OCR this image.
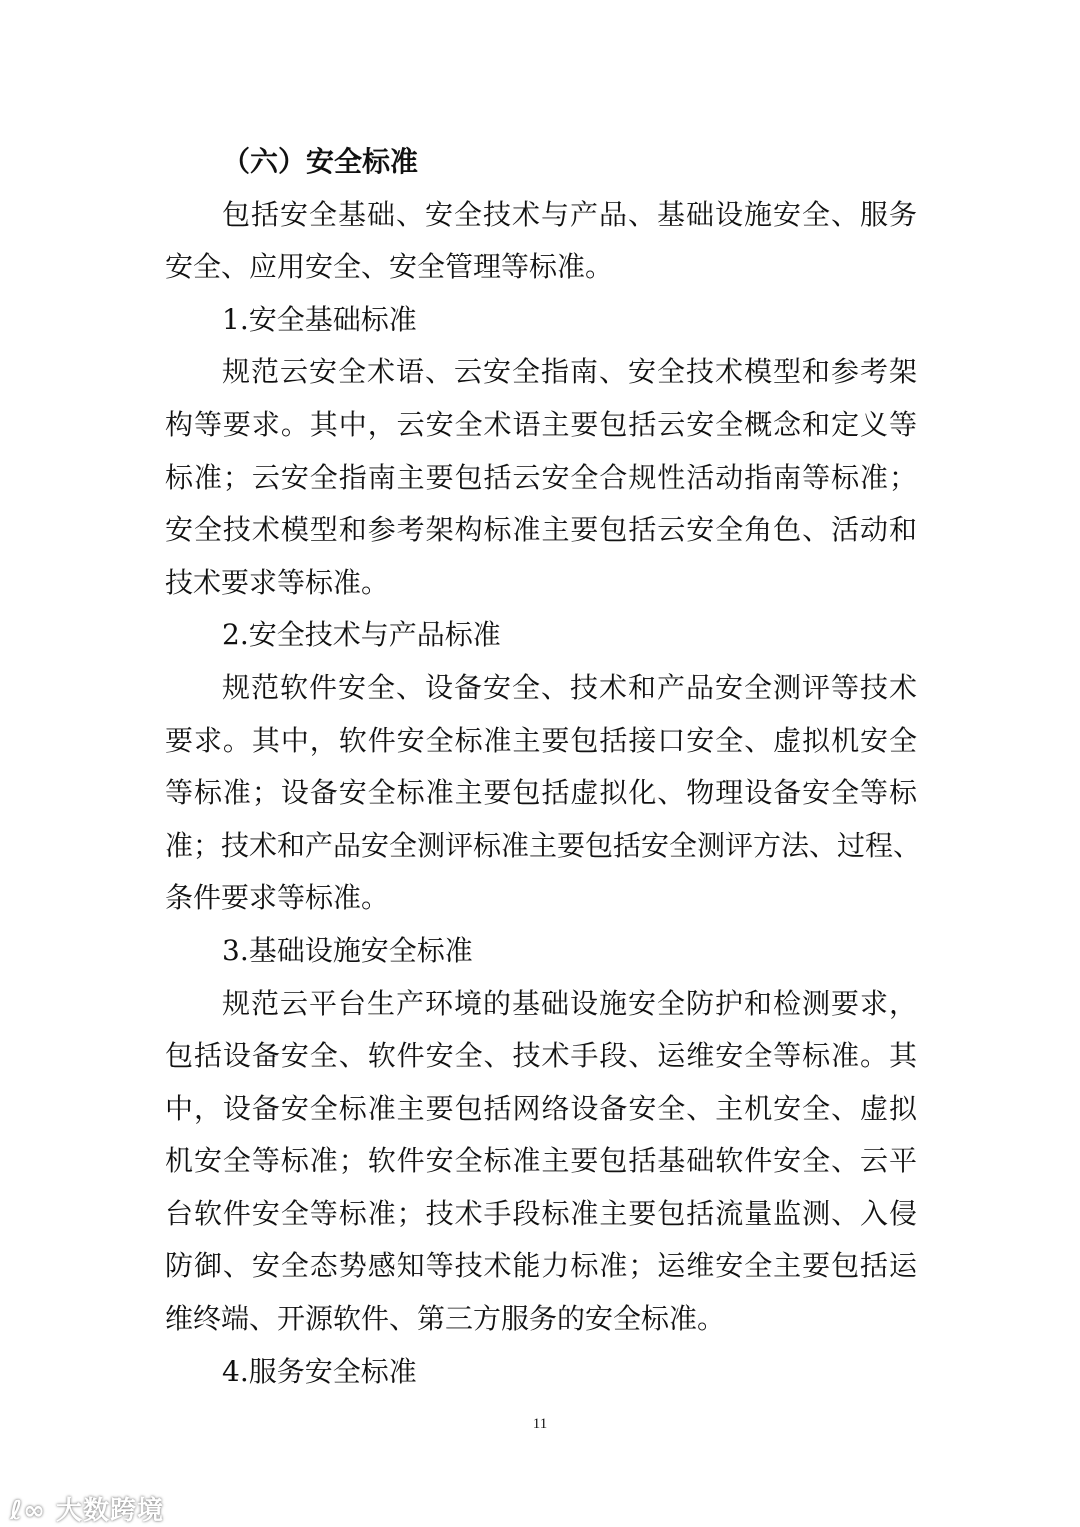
（六）安全标准
包括安全基础、安全技术与产品、基础设施安全、服务
安全、应用安全、安全管理等标准。
1.安全基础标准
规范云安全术语、云安全指南、安全技术模型和参考架
构等要求。其中，云安全术语主要包括云安全概念和定义等
标准；云安全指南主要包括云安全合规性活动指南等标准；
安全技术模型和参考架构标准主要包括云安全角色、活动和
技术要求等标准。
2.安全技术与产品标准
规范软件安全、设备安全、技术和产品安全测评等技术
要求。其中，软件安全标准主要包括接口安全、虚拟机安全
等标准；设备安全标准主要包括虚拟化、物理设备安全等标
准；技术和产品安全测评标准主要包括安全测评方法、过程、
条件要求等标准。
3.基础设施安全标准
规范云平台生产环境的基础设施安全防护和检测要求，
包括设备安全、软件安全、技术手段、运维安全等标准。其
中，设备安全标准主要包括网络设备安全、主机安全、虚拟
机安全等标准；软件安全标准主要包括基础软件安全、云平
台软件安全等标准；技术手段标准主要包括流量监测、入侵
防御、安全态势感知等技术能力标准；运维安全主要包括运
维终端、开源软件、第三方服务的安全标准。
4.服务安全标准
11
ℓ∞ 大数跨境
